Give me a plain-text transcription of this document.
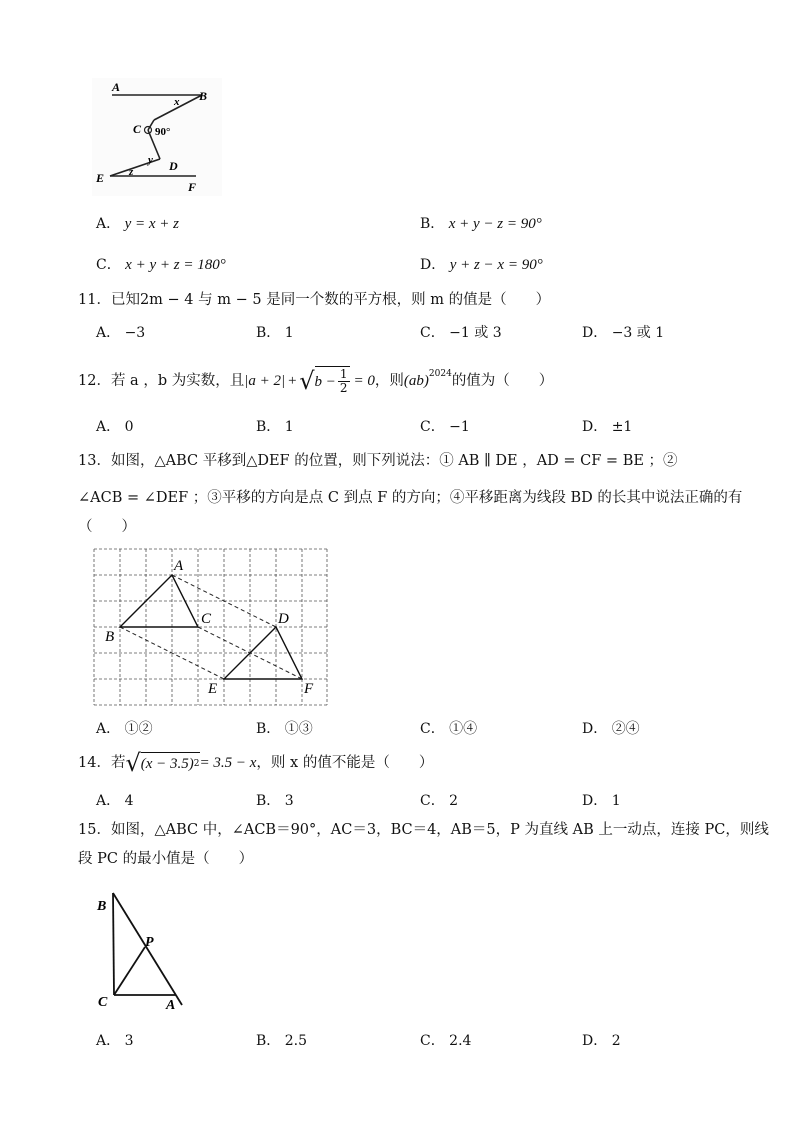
A
B
x
C 90°
y D
z
E
F
A． y = x + z	B． x + y − z = 90°
C． x + y + z = 180°	D． y + z − x = 90°
11．已知2m − 4 与 m − 5 是同一个数的平方根，则 m 的值是（　　）
A． −3	B． 1	C． −1 或 3	D． −3 或 1
12．若 a ，b 为实数，且 |a + 2| + √ $b - \frac{1}{2} = 0$ ，则 (ab)$^{2024}$ 的值为（　　）
A． 0	B． 1	C． −1	D． ±1
13．如图，△ABC 平移到△DEF 的位置，则下列说法：① AB ∥ DE ，AD = CF = BE ；②
∠ACB = ∠DEF ；③平移的方向是点 C 到点 F 的方向；④平移距离为线段 BD 的长其中说法正确的有
（　　）
A
B
C	D
E	F
A． ①②	B． ①③	C． ①④	D． ②④
14．若 √ (x − 3.5) 2 = 3.5 − x ，则 x 的值不能是（　　）
A． 4	B． 3	C． 2	D． 1
15．如图，△ABC 中，∠ACB＝90°，AC＝3，BC＝4，AB＝5，P 为直线 AB 上一动点，连接 PC，则线
段 PC 的最小值是（　　）
B
P
C	A
A． 3	B． 2.5	C． 2.4	D． 2
